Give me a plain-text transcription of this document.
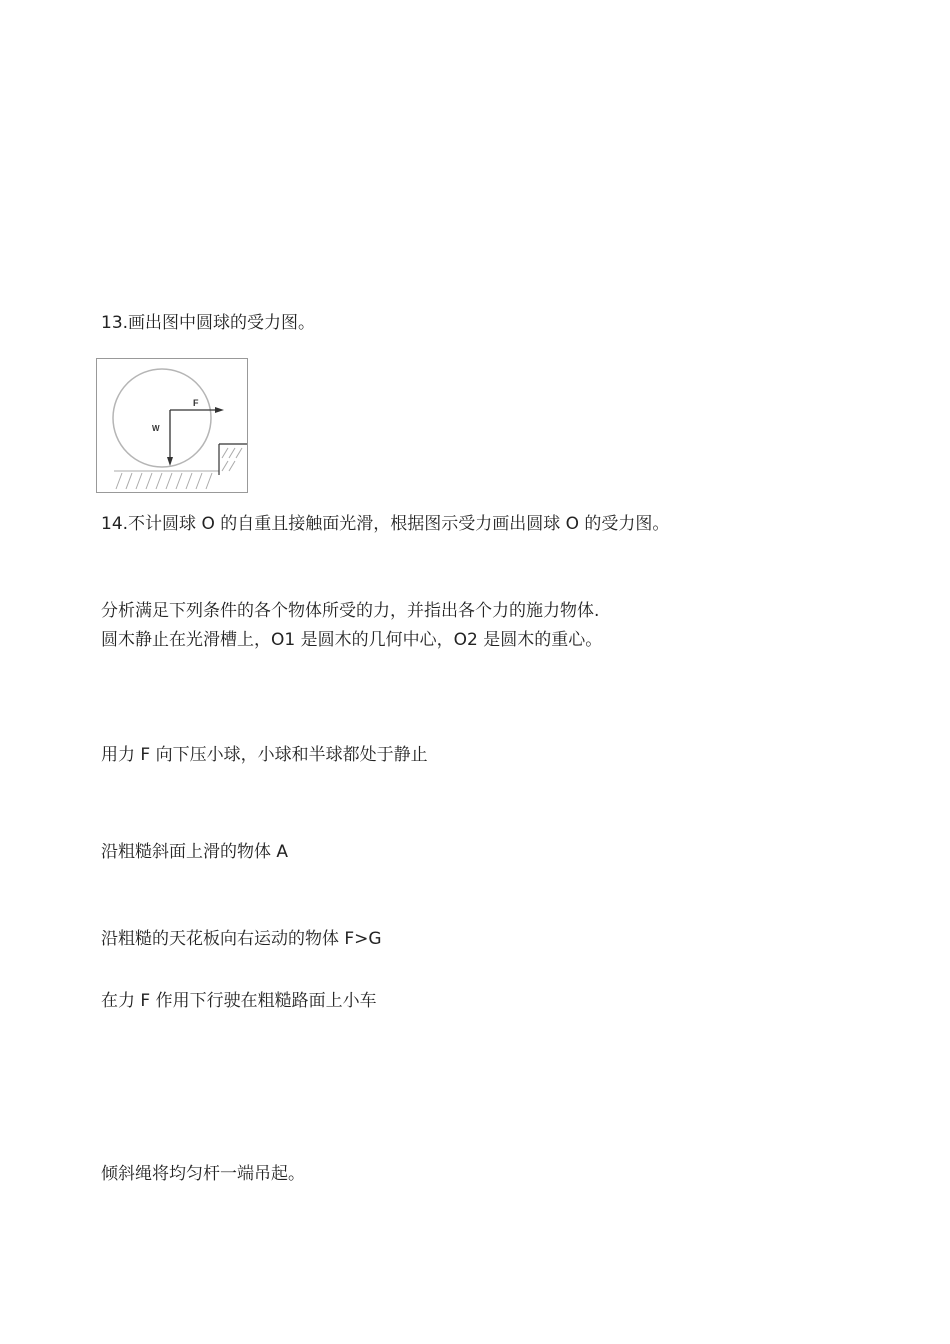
13.画出图中圆球的受力图。
F
W
14.不计圆球 O 的自重且接触面光滑，根据图示受力画出圆球 O 的受力图。
分析满足下列条件的各个物体所受的力，并指出各个力的施力物体.
圆木静止在光滑槽上，O1 是圆木的几何中心，O2 是圆木的重心。
用力 F 向下压小球，小球和半球都处于静止
沿粗糙斜面上滑的物体 A
沿粗糙的天花板向右运动的物体 F>G
在力 F 作用下行驶在粗糙路面上小车
倾斜绳将均匀杆一端吊起。
